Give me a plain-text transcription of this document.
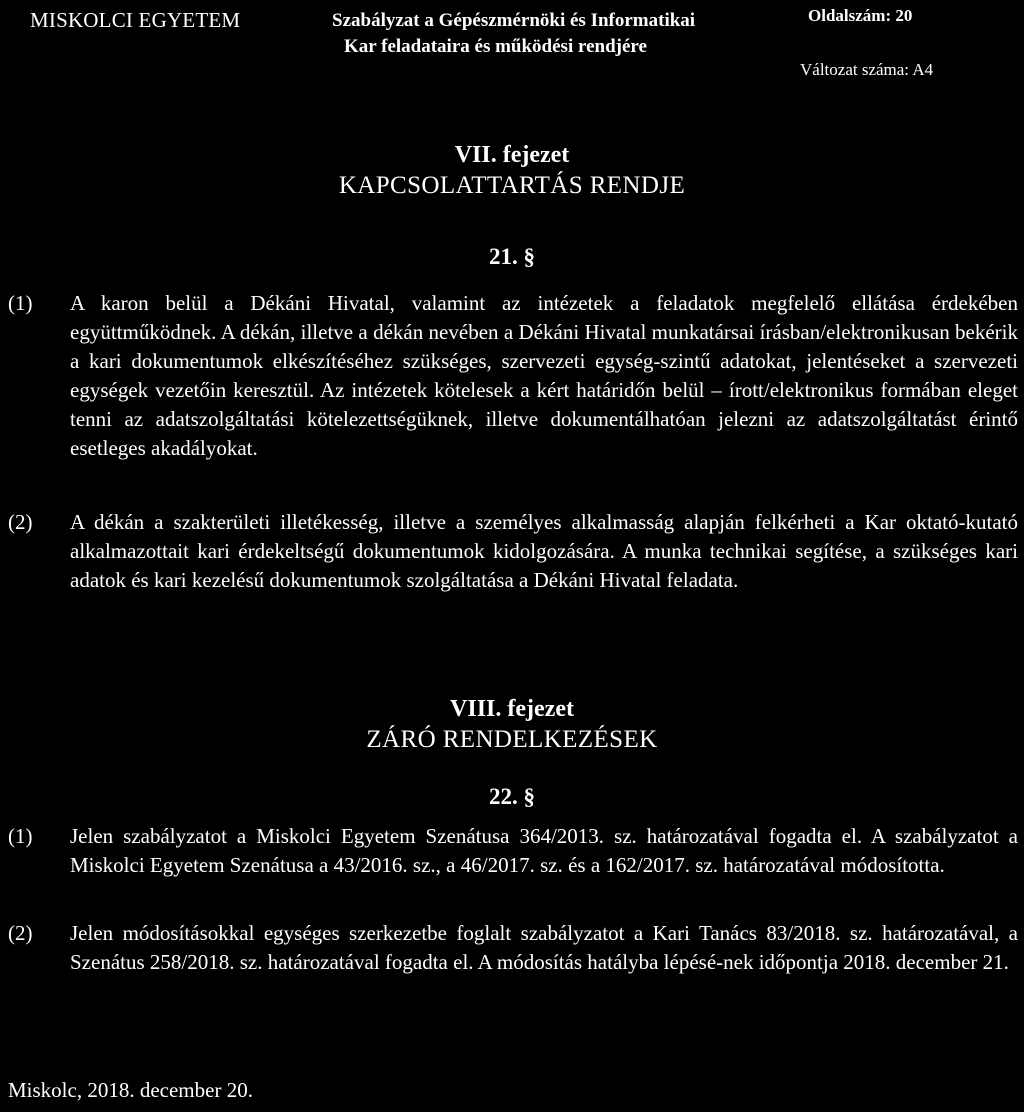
MISKOLCI EGYETEM	Szabályzat a Gépészmérnöki és Informatikai
Kar feladataira és működési rendjére
Oldalszám: 20
Változat száma: A4
VII. fejezet
KAPCSOLATTARTÁS RENDJE
21. §
(1)	A karon belül a Dékáni Hivatal, valamint az intézetek a feladatok megfelelő ellátása érdekében együttműködnek. A dékán, illetve a dékán nevében a Dékáni Hivatal munkatársai írásban/elektronikusan bekérik a kari dokumentumok elkészítéséhez szükséges, szervezeti egység-szintű adatokat, jelentéseket a szervezeti egységek vezetőin keresztül. Az intézetek kötelesek a kért határidőn belül – írott/elektronikus formában eleget tenni az adatszolgáltatási kötelezettségüknek, illetve dokumentálhatóan jelezni az adatszolgáltatást érintő esetleges akadályokat.
(2)	A dékán a szakterületi illetékesség, illetve a személyes alkalmasság alapján felkérheti a Kar oktató-kutató alkalmazottait kari érdekeltségű dokumentumok kidolgozására. A munka technikai segítése, a szükséges kari adatok és kari kezelésű dokumentumok szolgáltatása a Dékáni Hivatal feladata.
VIII. fejezet
ZÁRÓ RENDELKEZÉSEK
22. §
(1)	Jelen szabályzatot a Miskolci Egyetem Szenátusa 364/2013. sz. határozatával fogadta el. A szabályzatot a Miskolci Egyetem Szenátusa a 43/2016. sz., a 46/2017. sz. és a 162/2017. sz. határozatával módosította.
(2)	Jelen módosításokkal egységes szerkezetbe foglalt szabályzatot a Kari Tanács 83/2018. sz. határozatával, a Szenátus 258/2018. sz. határozatával fogadta el. A módosítás hatályba lépésé-nek időpontja 2018. december 21.
Miskolc, 2018. december 20.
